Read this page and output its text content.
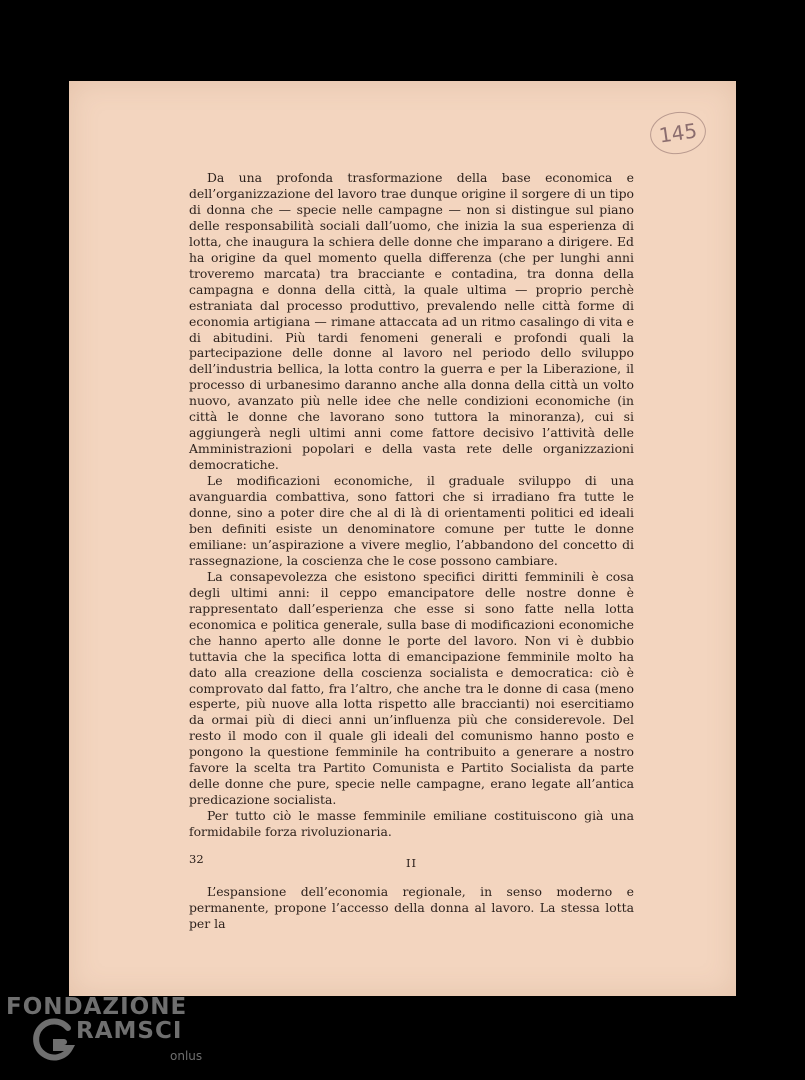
145

Da una profonda trasformazione della base economica e dell’organizzazione del lavoro trae dunque origine il sorgere di un tipo di donna che — specie nelle campagne — non si distingue sul piano delle responsabilità sociali dall’uomo, che inizia la sua esperienza di lotta, che inaugura la schiera delle donne che imparano a dirigere. Ed ha origine da quel momento quella differenza (che per lunghi anni troveremo marcata) tra bracciante e contadina, tra donna della campagna e donna della città, la quale ultima — proprio perchè estraniata dal processo produttivo, prevalendo nelle città forme di economia artigiana — rimane attaccata ad un ritmo casalingo di vita e di abitudini. Più tardi fenomeni generali e profondi quali la partecipazione delle donne al lavoro nel periodo dello sviluppo dell’industria bellica, la lotta contro la guerra e per la Liberazione, il processo di urbanesimo daranno anche alla donna della città un volto nuovo, avanzato più nelle idee che nelle condizioni economiche (in città le donne che lavorano sono tuttora la minoranza), cui si aggiungerà negli ultimi anni come fattore decisivo l’attività delle Amministrazioni popolari e della vasta rete delle organizzazioni democratiche.

Le modificazioni economiche, il graduale sviluppo di una avanguardia combattiva, sono fattori che si irradiano fra tutte le donne, sino a poter dire che al di là di orientamenti politici ed ideali ben definiti esiste un denominatore comune per tutte le donne emiliane: un’aspirazione a vivere meglio, l’abbandono del concetto di rassegnazione, la coscienza che le cose possono cambiare.

La consapevolezza che esistono specifici diritti femminili è cosa degli ultimi anni: il ceppo emancipatore delle nostre donne è rappresentato dall’esperienza che esse si sono fatte nella lotta economica e politica generale, sulla base di modificazioni economiche che hanno aperto alle donne le porte del lavoro. Non vi è dubbio tuttavia che la specifica lotta di emancipazione femminile molto ha dato alla creazione della coscienza socialista e democratica: ciò è comprovato dal fatto, fra l’altro, che anche tra le donne di casa (meno esperte, più nuove alla lotta rispetto alle braccianti) noi esercitiamo da ormai più di dieci anni un’influenza più che considerevole. Del resto il modo con il quale gli ideali del comunismo hanno posto e pongono la questione femminile ha contribuito a generare a nostro favore la scelta tra Partito Comunista e Partito Socialista da parte delle donne che pure, specie nelle campagne, erano legate all’antica predicazione socialista.

Per tutto ciò le masse femminile emiliane costituiscono già una formidabile forza rivoluzionaria.

II

L’espansione dell’economia regionale, in senso moderno e permanente, propone l’accesso della donna al lavoro. La stessa lotta per la

32
FONDAZIONE
RAMSCI
onlus
